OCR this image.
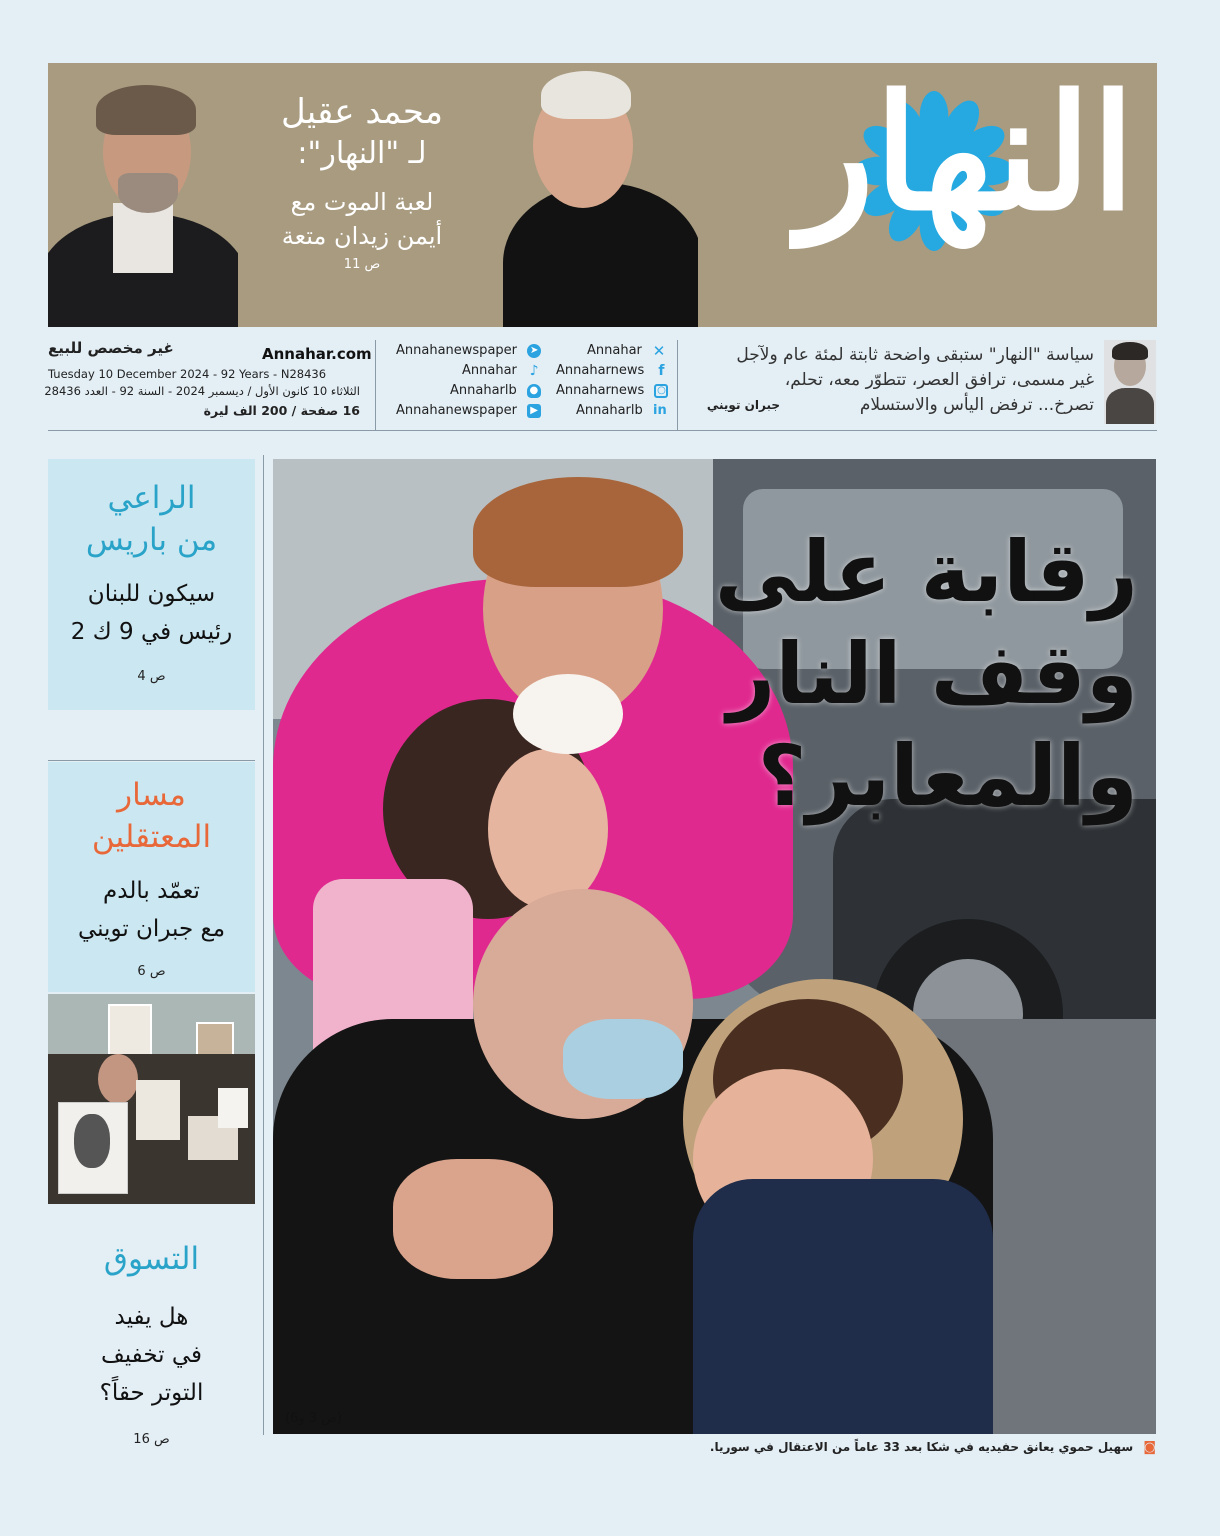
محمد عقيل
لـ "النهار":
لعبة الموت مع
أيمن زيدان متعة
ص 11
النهار
غير مخصص للبيع	Annahar.com
Tuesday 10 December 2024 - 92 Years - N28436
الثلاثاء 10 كانون الأول / ديسمبر 2024 - السنة 92 - العدد 28436
16 صفحة / 200 الف ليرة
Annahanewspaper ➤
Annahar ♪
Annaharlb ●
Annahanewspaper ▶
Annahar ✕
Annaharnews f
Annaharnews ○
Annaharlb in
سياسة "النهار" ستبقى واضحة ثابتة لمئة عام ولآجل
غير مسمى، ترافق العصر، تتطوّر معه، تحلم،
تصرخ... ترفض اليأس والاستسلام
جبران تويني
الراعي
من باريس
سيكون للبنان
رئيس في 9 ك 2
ص 4
مسار
المعتقلين
تعمّد بالدم
مع جبران تويني
ص 6
التسوق
هل يفيد
في تخفيف
التوتر حقاً؟
ص 16
رقابة على
وقف النار
والمعابر؟
(ص 3 و6)
◙ سهيل حموي يعانق حفيديه في شكا بعد 33 عاماً من الاعتقال في سوريا.
